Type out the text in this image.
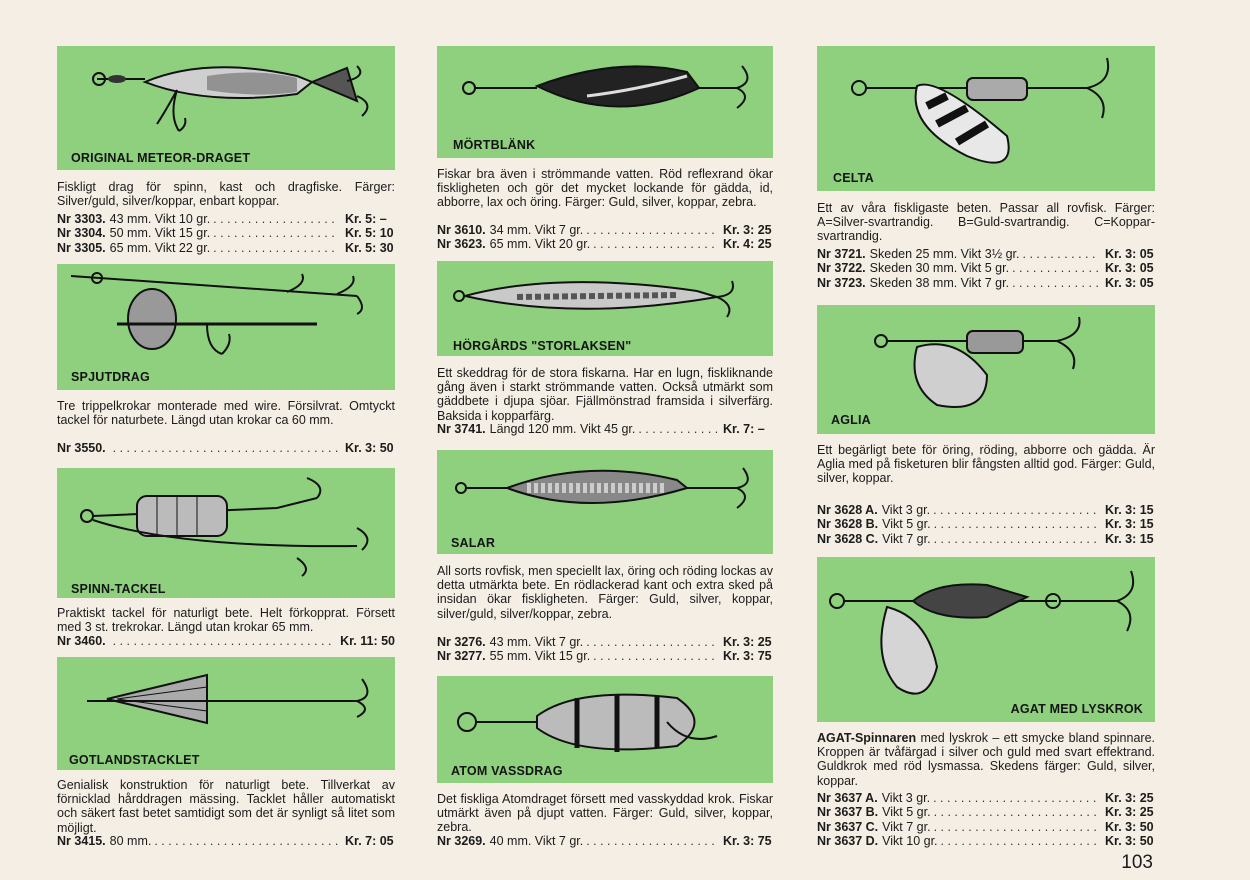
ORIGINAL METEOR-DRAGET

Fiskligt drag för spinn, kast och dragfiske. Färger: Silver/guld, silver/koppar, enbart koppar.

Nr 3303. 43 mm. Vikt 10 gr. . . .	Kr. 5: –
Nr 3304. 50 mm. Vikt 15 gr. . . .	Kr. 5: 10
Nr 3305. 65 mm. Vikt 22 gr. . . .	Kr. 5: 30
SPJUTDRAG

Tre trippelkrokar monterade med wire. Försilvrat. Omtyckt tackel för naturbete. Längd utan krokar ca 60 mm.

Nr 3550. . . .	Kr. 3: 50
SPINN-TACKEL

Praktiskt tackel för naturligt bete. Helt förkopprat. Försett med 3 st. trekrokar. Längd utan krokar 65 mm.

Nr 3460. . . .	Kr. 11: 50
GOTLANDSTACKLET

Genialisk konstruktion för naturligt bete. Tillverkat av förnicklad hårddragen mässing. Tacklet håller automatiskt och säkert fast betet samtidigt som det är synligt så litet som möjligt.

Nr 3415. 80 mm. . . .	Kr. 7: 05
MÖRTBLÄNK

Fiskar bra även i strömmande vatten. Röd reflexrand ökar fiskligheten och gör det mycket lockande för gädda, id, abborre, lax och öring. Färger: Guld, silver, koppar, zebra.

Nr 3610. 34 mm. Vikt 7 gr. . . .	Kr. 3: 25
Nr 3623. 65 mm. Vikt 20 gr. . . .	Kr. 4: 25
HÖRGÅRDS "STORLAKSEN"

Ett skeddrag för de stora fiskarna. Har en lugn, fiskliknande gång även i starkt strömmande vatten. Också utmärkt som gäddbete i djupa sjöar. Fjällmönstrad framsida i silverfärg. Baksida i kopparfärg.

Nr 3741. Längd 120 mm. Vikt 45 gr. . . .	Kr. 7: –
SALAR

All sorts rovfisk, men speciellt lax, öring och röding lockas av detta utmärkta bete. En rödlackerad kant och extra sked på insidan ökar fiskligheten. Färger: Guld, silver, koppar, silver/guld, silver/koppar, zebra.

Nr 3276. 43 mm. Vikt 7 gr. . . .	Kr. 3: 25
Nr 3277. 55 mm. Vikt 15 gr. . . .	Kr. 3: 75
ATOM VASSDRAG

Det fiskliga Atomdraget försett med vasskyddad krok. Fiskar utmärkt även på djupt vatten. Färger: Guld, silver, koppar, zebra.

Nr 3269. 40 mm. Vikt 7 gr. . . .	Kr. 3: 75
CELTA

Ett av våra fiskligaste beten. Passar all rovfisk. Färger: A=Silver-svartrandig. B=Guld-svartrandig. C=Koppar-svartrandig.

Nr 3721. Skeden 25 mm. Vikt 3½ gr. . . .	Kr. 3: 05
Nr 3722. Skeden 30 mm. Vikt 5 gr. . . .	Kr. 3: 05
Nr 3723. Skeden 38 mm. Vikt 7 gr. . . .	Kr. 3: 05
AGLIA

Ett begärligt bete för öring, röding, abborre och gädda. Är Aglia med på fisketuren blir fångsten alltid god. Färger: Guld, silver, koppar.

Nr 3628 A. Vikt 3 gr. . . .	Kr. 3: 15
Nr 3628 B. Vikt 5 gr. . . .	Kr. 3: 15
Nr 3628 C. Vikt 7 gr. . . .	Kr. 3: 15
AGAT MED LYSKROK

AGAT-Spinnaren med lyskrok – ett smycke bland spinnare. Kroppen är tvåfärgad i silver och guld med svart effektrand. Guldkrok med röd lysmassa. Skedens färger: Guld, silver, koppar.

Nr 3637 A. Vikt 3 gr. . . .	Kr. 3: 25
Nr 3637 B. Vikt 5 gr. . . .	Kr. 3: 25
Nr 3637 C. Vikt 7 gr. . . .	Kr. 3: 50
Nr 3637 D. Vikt 10 gr. . . .	Kr. 3: 50
103
